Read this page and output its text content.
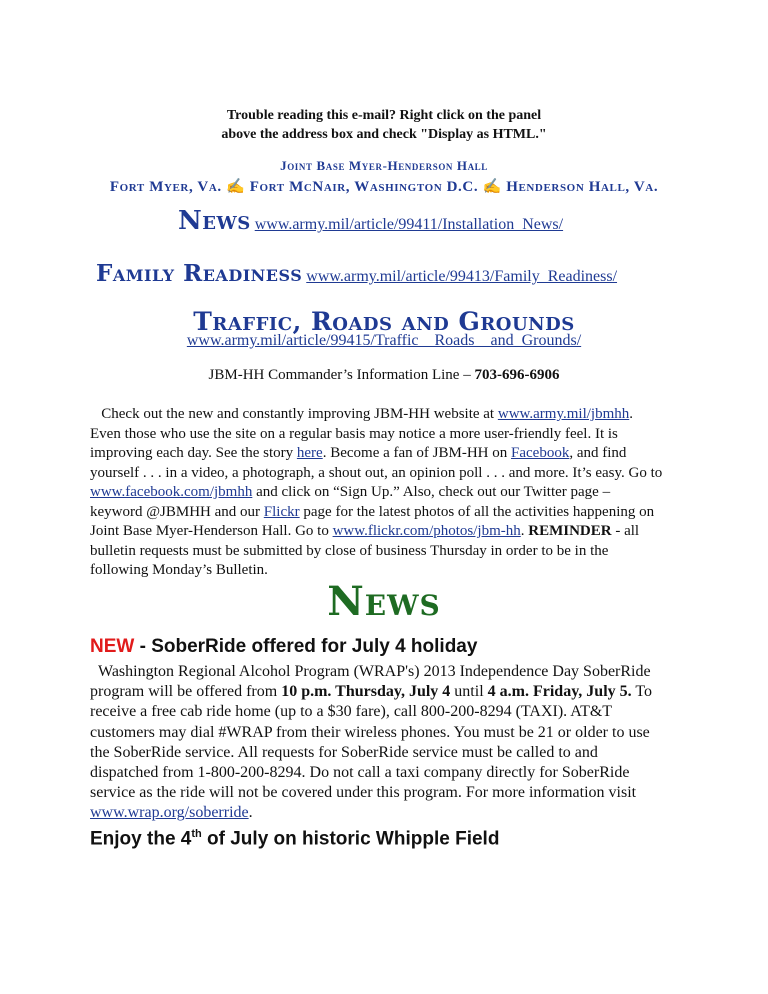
Trouble reading this e-mail? Right click on the panel
above the address box and check "Display as HTML."
Joint Base Myer-Henderson Hall
Fort Myer, Va. ✍ Fort McNair, Washington D.C. ✍ Henderson Hall, Va.
News www.army.mil/article/99411/Installation_News/
Family Readiness www.army.mil/article/99413/Family_Readiness/
Traffic, Roads and Grounds
www.army.mil/article/99415/Traffic__Roads__and_Grounds/
JBM-HH Commander’s Information Line – 703-696-6906
Check out the new and constantly improving JBM-HH website at www.army.mil/jbmhh.
Even those who use the site on a regular basis may notice a more user-friendly feel. It is
improving each day. See the story here. Become a fan of JBM-HH on Facebook, and find
yourself . . . in a video, a photograph, a shout out, an opinion poll . . . and more. It’s easy. Go to
www.facebook.com/jbmhh and click on “Sign Up.” Also, check out our Twitter page –
keyword @JBMHH and our Flickr page for the latest photos of all the activities happening on
Joint Base Myer-Henderson Hall. Go to www.flickr.com/photos/jbm-hh. REMINDER - all
bulletin requests must be submitted by close of business Thursday in order to be in the
following Monday’s Bulletin.
News
NEW - SoberRide offered for July 4 holiday
Washington Regional Alcohol Program (WRAP's) 2013 Independence Day SoberRide
program will be offered from 10 p.m. Thursday, July 4 until 4 a.m. Friday, July 5. To
receive a free cab ride home (up to a $30 fare), call 800-200-8294 (TAXI). AT&T
customers may dial #WRAP from their wireless phones. You must be 21 or older to use
the SoberRide service. All requests for SoberRide service must be called to and
dispatched from 1-800-200-8294. Do not call a taxi company directly for SoberRide
service as the ride will not be covered under this program. For more information visit
www.wrap.org/soberride.
Enjoy the 4th of July on historic Whipple Field
